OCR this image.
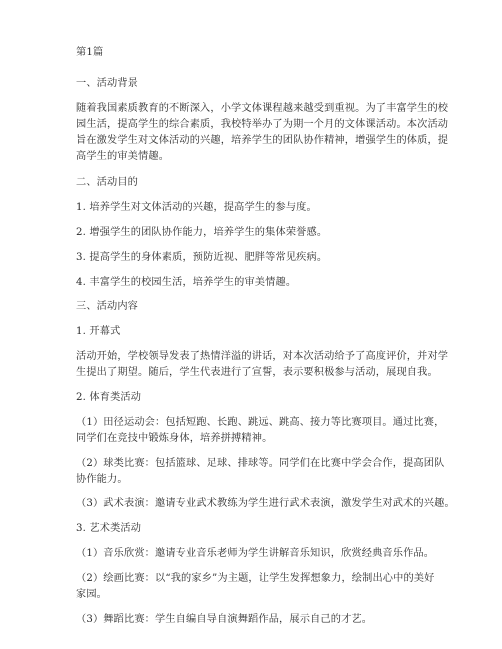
第1篇
一、活动背景
随着我国素质教育的不断深入，小学文体课程越来越受到重视。为了丰富学生的校
园生活，提高学生的综合素质，我校特举办了为期一个月的文体课活动。本次活动
旨在激发学生对文体活动的兴趣，培养学生的团队协作精神，增强学生的体质，提
高学生的审美情趣。
二、活动目的
1. 培养学生对文体活动的兴趣，提高学生的参与度。
2. 增强学生的团队协作能力，培养学生的集体荣誉感。
3. 提高学生的身体素质，预防近视、肥胖等常见疾病。
4. 丰富学生的校园生活，培养学生的审美情趣。
三、活动内容
1. 开幕式
活动开始，学校领导发表了热情洋溢的讲话，对本次活动给予了高度评价，并对学
生提出了期望。随后，学生代表进行了宣誓，表示要积极参与活动，展现自我。
2. 体育类活动
（1）田径运动会：包括短跑、长跑、跳远、跳高、接力等比赛项目。通过比赛，
同学们在竞技中锻炼身体，培养拼搏精神。
（2）球类比赛：包括篮球、足球、排球等。同学们在比赛中学会合作，提高团队
协作能力。
（3）武术表演：邀请专业武术教练为学生进行武术表演，激发学生对武术的兴趣。
3. 艺术类活动
（1）音乐欣赏：邀请专业音乐老师为学生讲解音乐知识，欣赏经典音乐作品。
（2）绘画比赛：以“我的家乡”为主题，让学生发挥想象力，绘制出心中的美好
家园。
（3）舞蹈比赛：学生自编自导自演舞蹈作品，展示自己的才艺。
